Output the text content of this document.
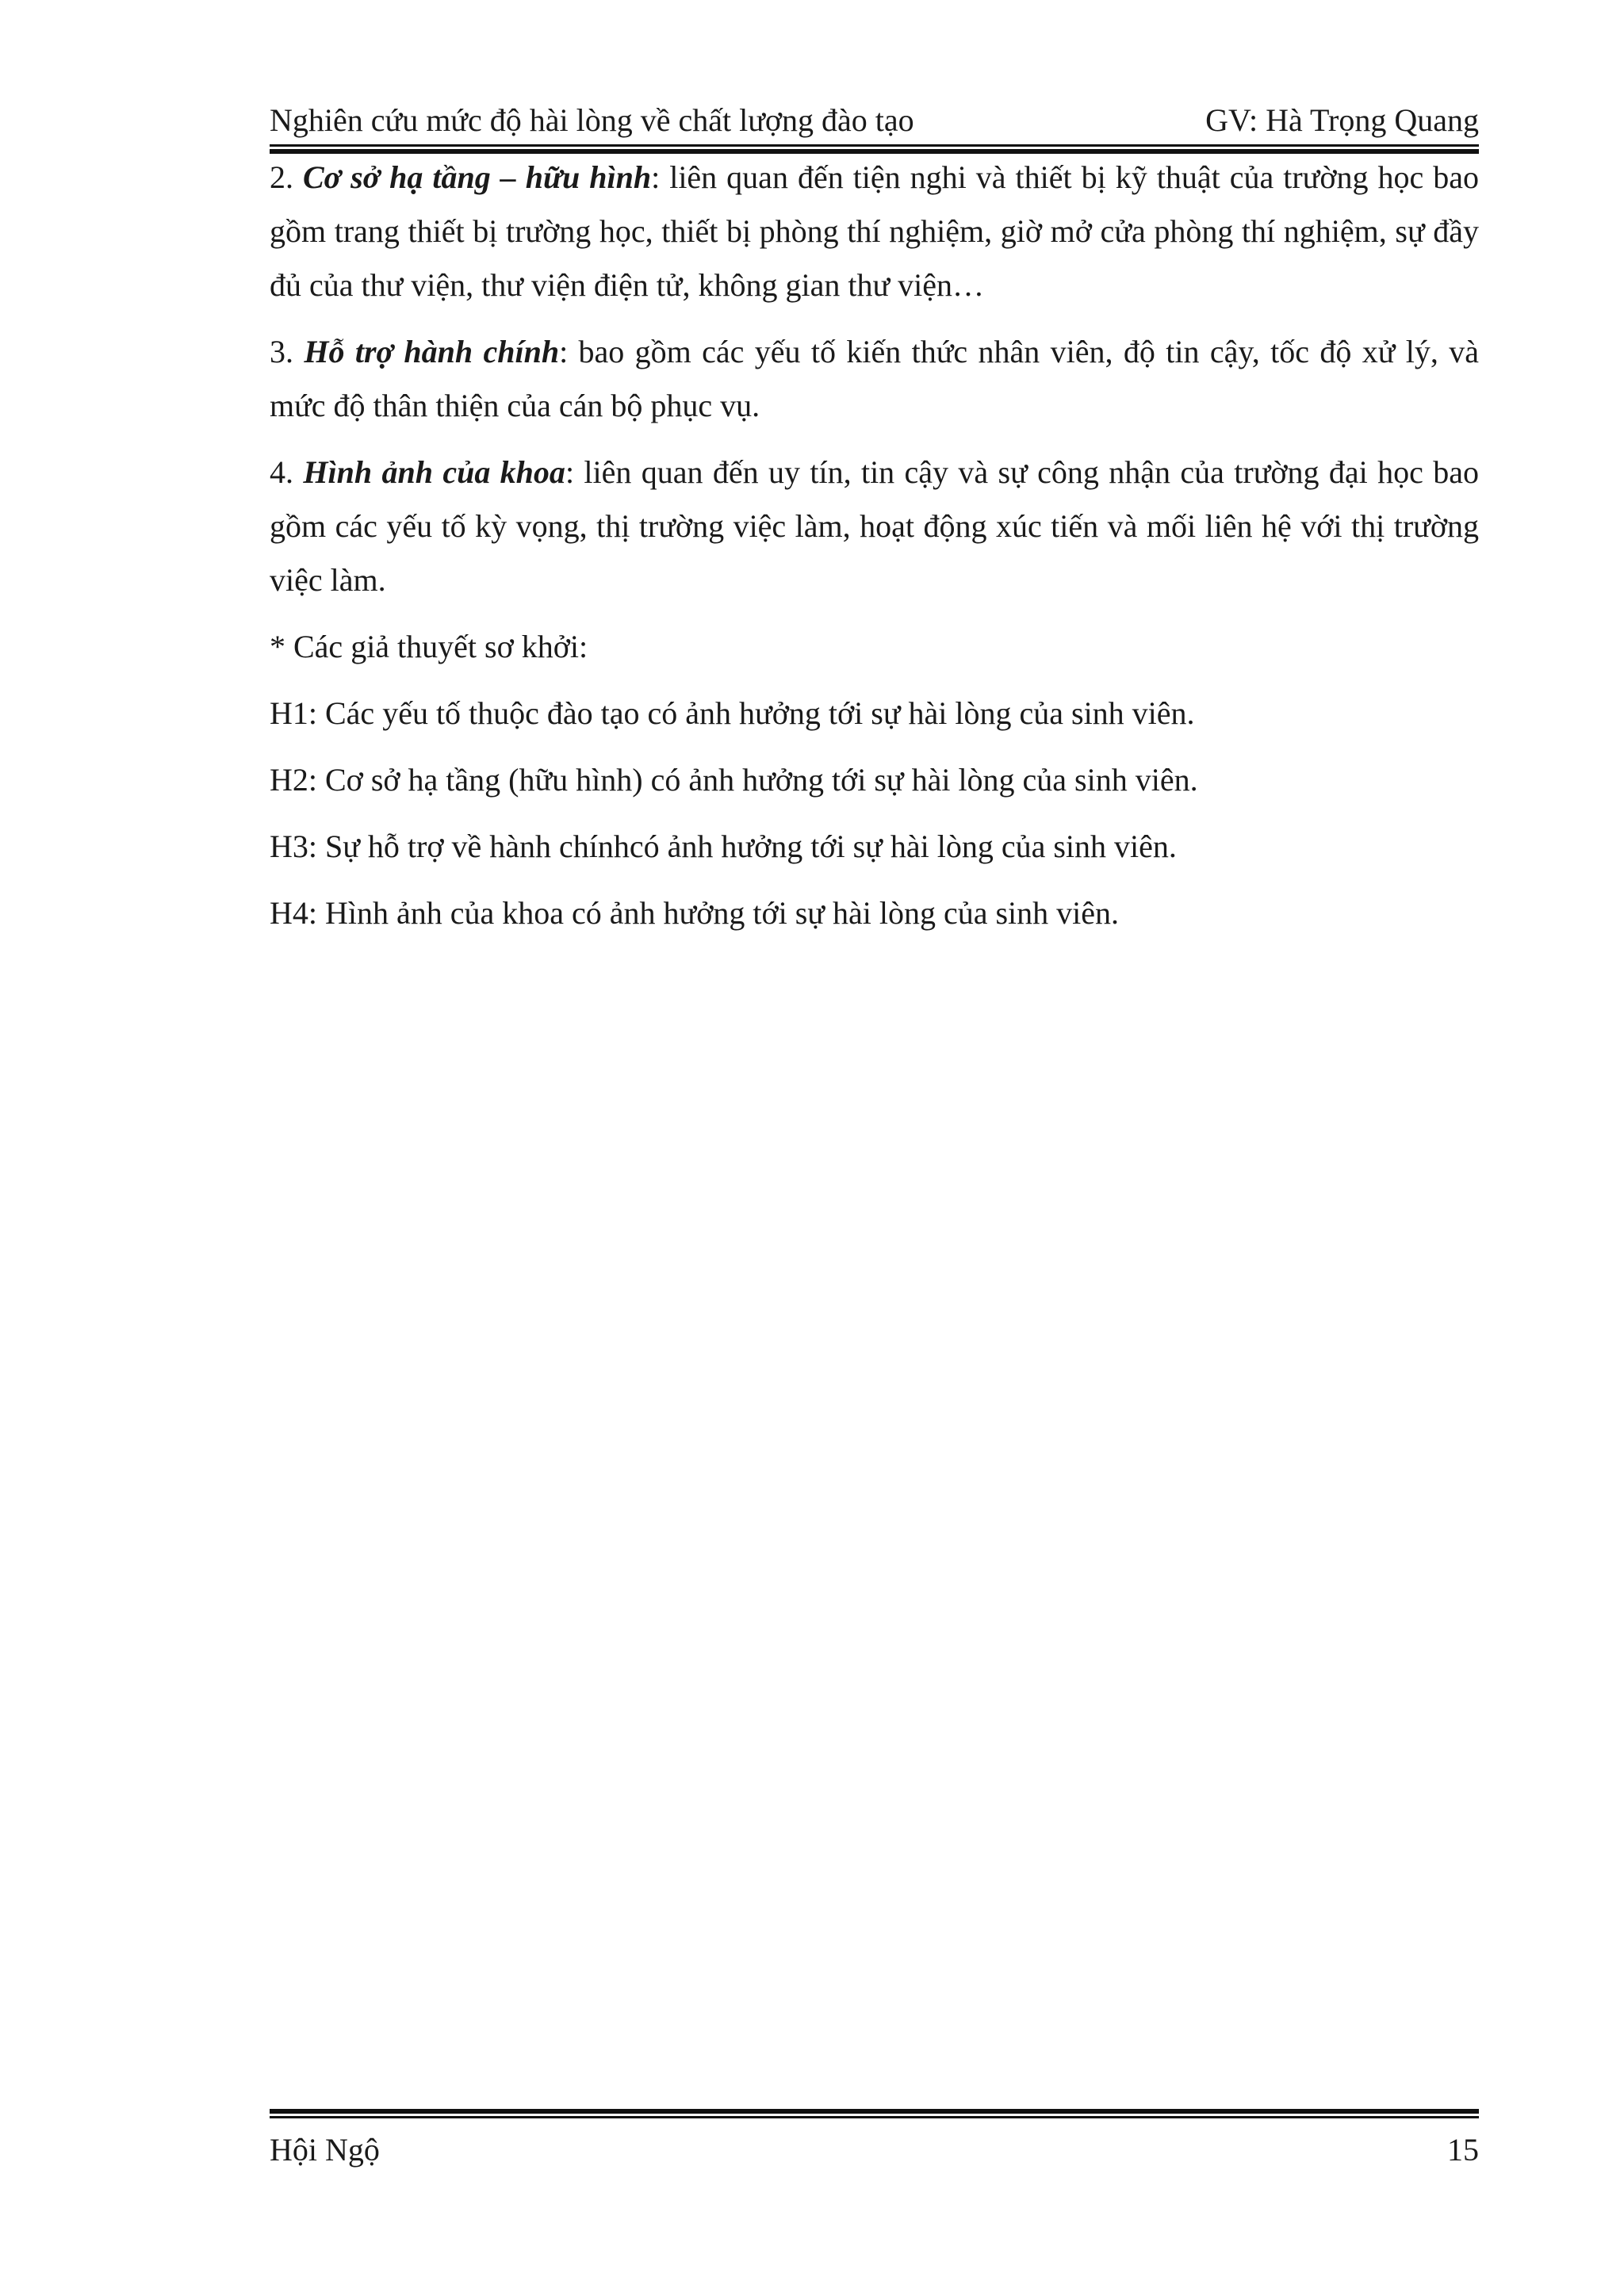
Nghiên cứu mức độ hài lòng về chất lượng đào tạo	GV: Hà Trọng Quang

2. Cơ sở hạ tầng – hữu hình: liên quan đến tiện nghi và thiết bị kỹ thuật của trường học bao gồm trang thiết bị trường học, thiết bị phòng thí nghiệm, giờ mở cửa phòng thí nghiệm, sự đầy đủ của thư viện, thư viện điện tử, không gian thư viện…

3. Hỗ trợ hành chính: bao gồm các yếu tố kiến thức nhân viên, độ tin cậy, tốc độ xử lý, và mức độ thân thiện của cán bộ phục vụ.

4. Hình ảnh của khoa: liên quan đến uy tín, tin cậy và sự công nhận của trường đại học bao gồm các yếu tố kỳ vọng, thị trường việc làm, hoạt động xúc tiến và mối liên hệ với thị trường việc làm.

* Các giả thuyết sơ khởi:

H1: Các yếu tố thuộc đào tạo có ảnh hưởng tới sự hài lòng của sinh viên.

H2: Cơ sở hạ tầng (hữu hình) có ảnh hưởng tới sự hài lòng của sinh viên.

H3: Sự hỗ trợ về hành chínhcó ảnh hưởng tới sự hài lòng của sinh viên.

H4: Hình ảnh của khoa có ảnh hưởng tới sự hài lòng của sinh viên.

Hội Ngộ	15
